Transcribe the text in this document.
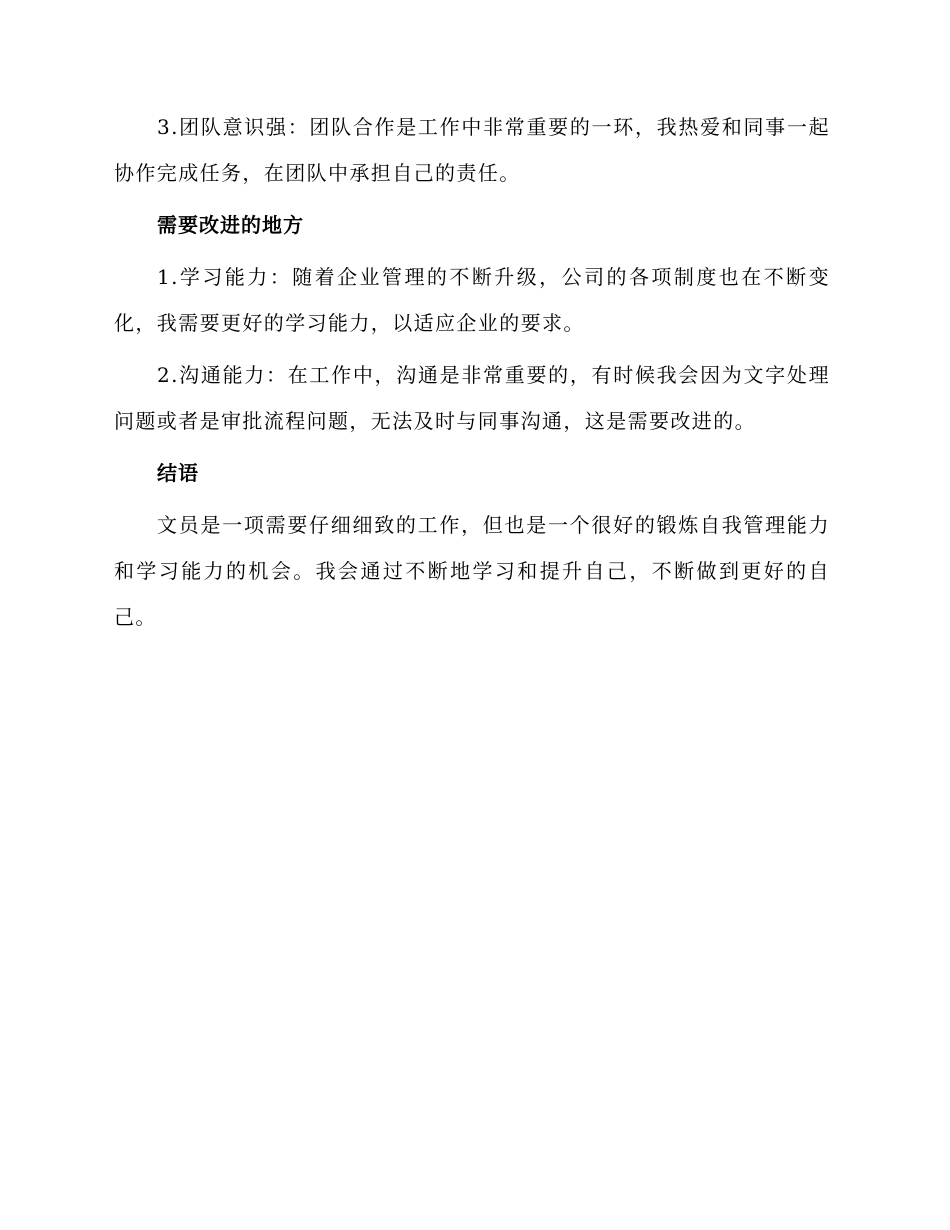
3.团队意识强：团队合作是工作中非常重要的一环，我热爱和同事一起协作完成任务，在团队中承担自己的责任。

需要改进的地方

1.学习能力：随着企业管理的不断升级，公司的各项制度也在不断变化，我需要更好的学习能力，以适应企业的要求。

2.沟通能力：在工作中，沟通是非常重要的，有时候我会因为文字处理问题或者是审批流程问题，无法及时与同事沟通，这是需要改进的。

结语

文员是一项需要仔细细致的工作，但也是一个很好的锻炼自我管理能力和学习能力的机会。我会通过不断地学习和提升自己，不断做到更好的自己。
